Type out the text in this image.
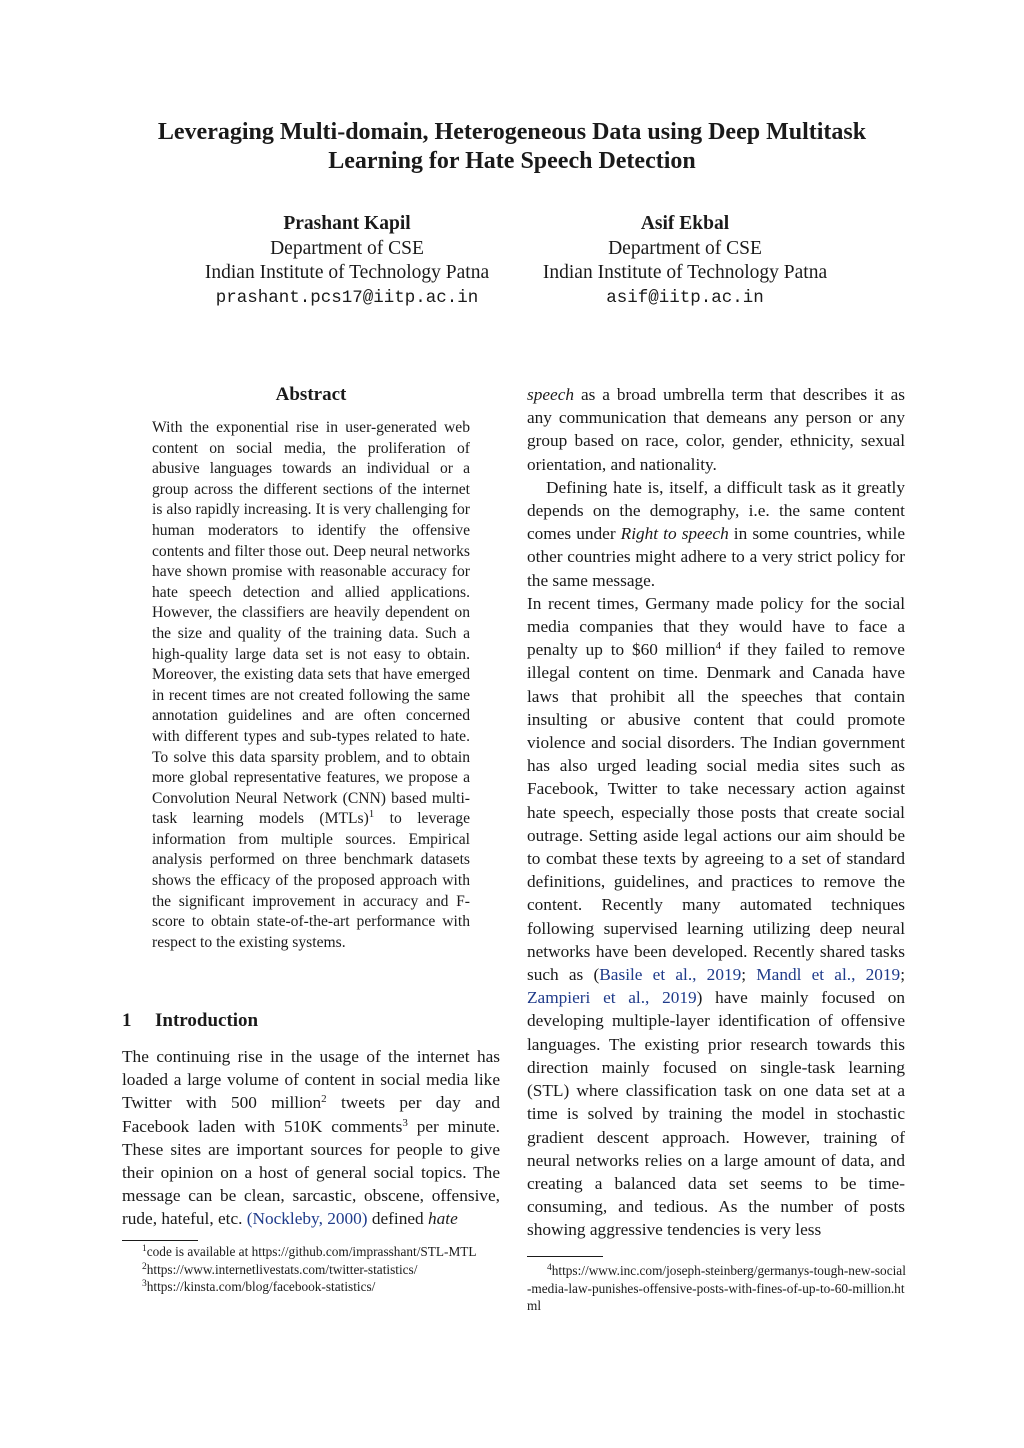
Leveraging Multi-domain, Heterogeneous Data using Deep Multitask Learning for Hate Speech Detection
Prashant Kapil
Department of CSE
Indian Institute of Technology Patna
prashant.pcs17@iitp.ac.in
Asif Ekbal
Department of CSE
Indian Institute of Technology Patna
asif@iitp.ac.in
Abstract
With the exponential rise in user-generated web content on social media, the proliferation of abusive languages towards an individual or a group across the different sections of the internet is also rapidly increasing. It is very challenging for human moderators to identify the offensive contents and filter those out. Deep neural networks have shown promise with reasonable accuracy for hate speech detection and allied applications. However, the classifiers are heavily dependent on the size and quality of the training data. Such a high-quality large data set is not easy to obtain. Moreover, the existing data sets that have emerged in recent times are not created following the same annotation guidelines and are often concerned with different types and sub-types related to hate. To solve this data sparsity problem, and to obtain more global representative features, we propose a Convolution Neural Network (CNN) based multi-task learning models (MTLs)$^1$ to leverage information from multiple sources. Empirical analysis performed on three benchmark datasets shows the efficacy of the proposed approach with the significant improvement in accuracy and F-score to obtain state-of-the-art performance with respect to the existing systems.
1 Introduction
The continuing rise in the usage of the internet has loaded a large volume of content in social media like Twitter with 500 million$^2$ tweets per day and Facebook laden with 510K comments$^3$ per minute. These sites are important sources for people to give their opinion on a host of general social topics. The message can be clean, sarcastic, obscene, offensive, rude, hateful, etc. (Nockleby, 2000) defined hate

$^1$code is available at https://github.com/imprasshant/STL-MTL

$^2$https://www.internetlivestats.com/twitter-statistics/

$^3$https://kinsta.com/blog/facebook-statistics/

speech as a broad umbrella term that describes it as any communication that demeans any person or any group based on race, color, gender, ethnicity, sexual orientation, and nationality.

Defining hate is, itself, a difficult task as it greatly depends on the demography, i.e. the same content comes under Right to speech in some countries, while other countries might adhere to a very strict policy for the same message.

In recent times, Germany made policy for the social media companies that they would have to face a penalty up to $60 million$^4$ if they failed to remove illegal content on time. Denmark and Canada have laws that prohibit all the speeches that contain insulting or abusive content that could promote violence and social disorders. The Indian government has also urged leading social media sites such as Facebook, Twitter to take necessary action against hate speech, especially those posts that create social outrage. Setting aside legal actions our aim should be to combat these texts by agreeing to a set of standard definitions, guidelines, and practices to remove the content. Recently many automated techniques following supervised learning utilizing deep neural networks have been developed. Recently shared tasks such as (Basile et al., 2019; Mandl et al., 2019; Zampieri et al., 2019) have mainly focused on developing multiple-layer identification of offensive languages. The existing prior research towards this direction mainly focused on single-task learning (STL) where classification task on one data set at a time is solved by training the model in stochastic gradient descent approach. However, training of neural networks relies on a large amount of data, and creating a balanced data set seems to be time-consuming, and tedious. As the number of posts showing aggressive tendencies is very less

$^4$https://www.inc.com/joseph-steinberg/germanys-tough-new-social-media-law-punishes-offensive-posts-with-fines-of-up-to-60-million.html
